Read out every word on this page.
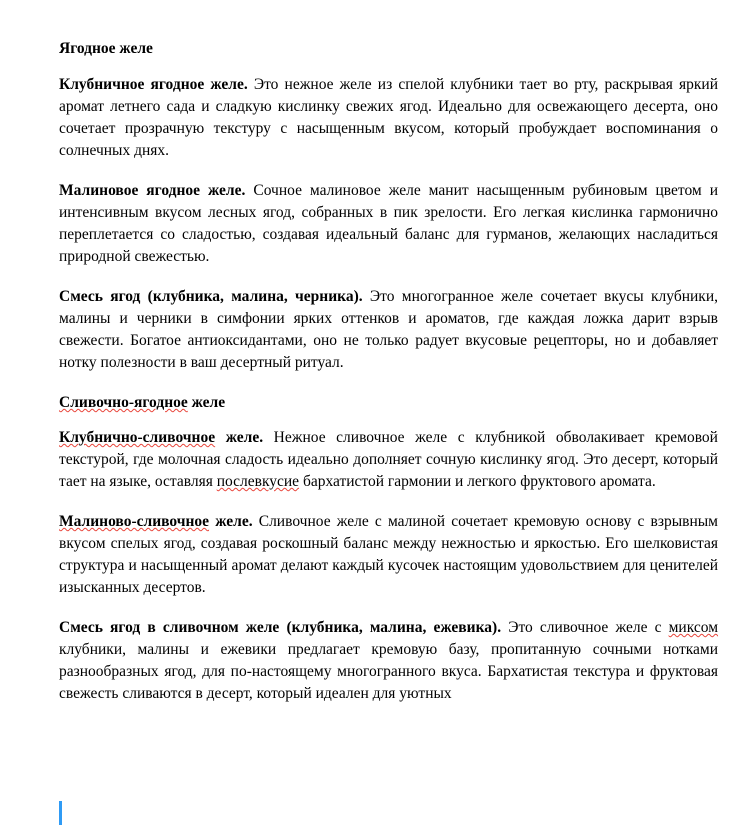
Ягодное желе

Клубничное ягодное желе. Это нежное желе из спелой клубники тает во рту, раскрывая яркий аромат летнего сада и сладкую кислинку свежих ягод. Идеально для освежающего десерта, оно сочетает прозрачную текстуру с насыщенным вкусом, который пробуждает воспоминания о солнечных днях.

Малиновое ягодное желе. Сочное малиновое желе манит насыщенным рубиновым цветом и интенсивным вкусом лесных ягод, собранных в пик зрелости. Его легкая кислинка гармонично переплетается со сладостью, создавая идеальный баланс для гурманов, желающих насладиться природной свежестью.

Смесь ягод (клубника, малина, черника). Это многогранное желе сочетает вкусы клубники, малины и черники в симфонии ярких оттенков и ароматов, где каждая ложка дарит взрыв свежести. Богатое антиоксидантами, оно не только радует вкусовые рецепторы, но и добавляет нотку полезности в ваш десертный ритуал.

Сливочно-ягодное желе

Клубнично-сливочное желе. Нежное сливочное желе с клубникой обволакивает кремовой текстурой, где молочная сладость идеально дополняет сочную кислинку ягод. Это десерт, который тает на языке, оставляя послевкусие бархатистой гармонии и легкого фруктового аромата.

Малиново-сливочное желе. Сливочное желе с малиной сочетает кремовую основу с взрывным вкусом спелых ягод, создавая роскошный баланс между нежностью и яркостью. Его шелковистая структура и насыщенный аромат делают каждый кусочек настоящим удовольствием для ценителей изысканных десертов.

Смесь ягод в сливочном желе (клубника, малина, ежевика). Это сливочное желе с миксом клубники, малины и ежевики предлагает кремовую базу, пропитанную сочными нотками разнообразных ягод, для по-настоящему многогранного вкуса. Бархатистая текстура и фруктовая свежесть сливаются в десерт, который идеален для уютных
